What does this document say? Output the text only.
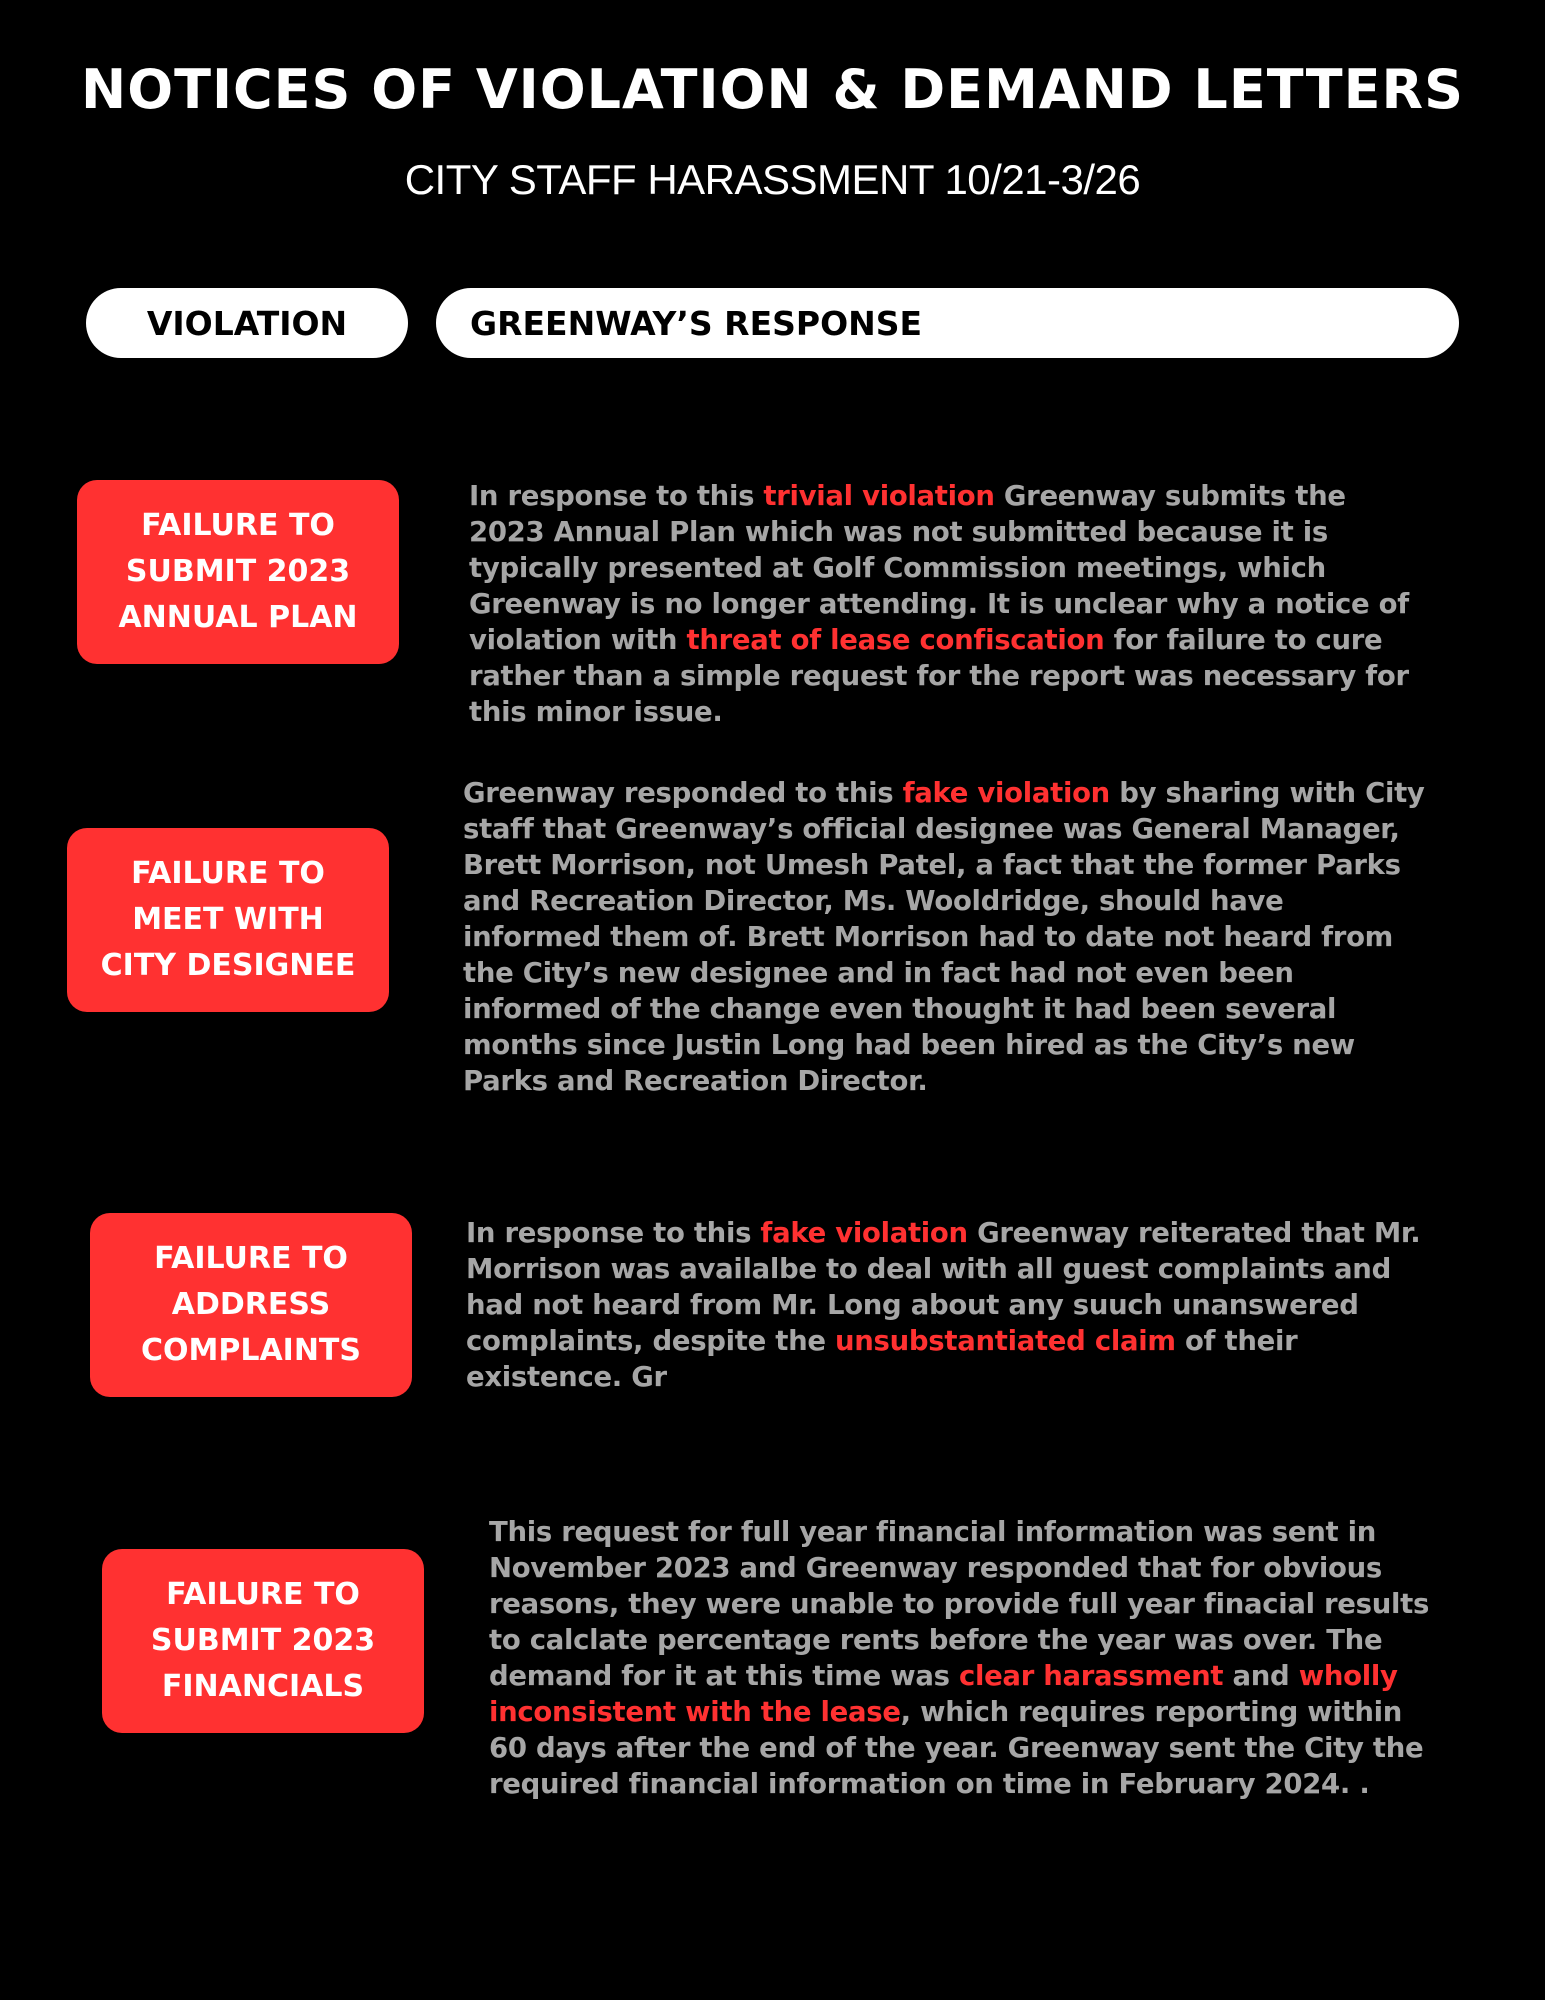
NOTICES OF VIOLATION & DEMAND LETTERS
CITY STAFF HARASSMENT 10/21-3/26
VIOLATION	GREENWAY’S RESPONSE
FAILURE TO
SUBMIT 2023
ANNUAL PLAN

In response to this trivial violation Greenway submits the 2023 Annual Plan which was not submitted because it is typically presented at Golf Commission meetings, which Greenway is no longer attending. It is unclear why a notice of violation with threat of lease confiscation for failure to cure rather than a simple request for the report was necessary for this minor issue.

FAILURE TO
MEET WITH
CITY DESIGNEE

Greenway responded to this fake violation by sharing with City staff that Greenway’s official designee was General Manager, Brett Morrison, not Umesh Patel, a fact that the former Parks and Recreation Director, Ms. Wooldridge, should have informed them of. Brett Morrison had to date not heard from the City’s new designee and in fact had not even been informed of the change even thought it had been several months since Justin Long had been hired as the City’s new Parks and Recreation Director.

FAILURE TO
ADDRESS
COMPLAINTS

In response to this fake violation Greenway reiterated that Mr. Morrison was availalbe to deal with all guest complaints and had not heard from Mr. Long about any suuch unanswered complaints, despite the unsubstantiated claim of their existence. Gr

FAILURE TO
SUBMIT 2023
FINANCIALS

This request for full year financial information was sent in November 2023 and Greenway responded that for obvious reasons, they were unable to provide full year finacial results to calclate percentage rents before the year was over. The demand for it at this time was clear harassment and wholly inconsistent with the lease, which requires reporting within 60 days after the end of the year. Greenway sent the City the required financial information on time in February 2024. .
